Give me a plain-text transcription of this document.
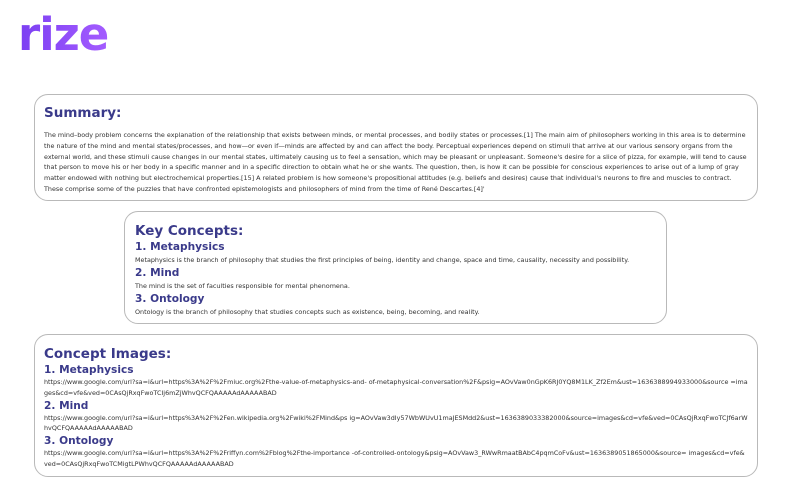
rize
Summary:

The mind–body problem concerns the explanation of the relationship that exists between minds, or mental processes, and bodily states or processes.[1] The main aim of philosophers working in this area is to determine the nature of the mind and mental states/processes, and how—or even if—minds are affected by and can affect the body. Perceptual experiences depend on stimuli that arrive at our various sensory organs from the external world, and these stimuli cause changes in our mental states, ultimately causing us to feel a sensation, which may be pleasant or unpleasant. Someone's desire for a slice of pizza, for example, will tend to cause that person to move his or her body in a specific manner and in a specific direction to obtain what he or she wants. The question, then, is how it can be possible for conscious experiences to arise out of a lump of gray matter endowed with nothing but electrochemical properties.[15] A related problem is how someone's propositional attitudes (e.g. beliefs and desires) cause that individual's neurons to fire and muscles to contract. These comprise some of the puzzles that have confronted epistemologists and philosophers of mind from the time of René Descartes.[4]'

Key Concepts:
1. Metaphysics

Metaphysics is the branch of philosophy that studies the first principles of being, identity and change, space and time, causality, necessity and possibility.

2. Mind

The mind is the set of faculties responsible for mental phenomena.

3. Ontology

Ontology is the branch of philosophy that studies concepts such as existence, being, becoming, and reality.

Concept Images:
1. Metaphysics

https://www.google.com/url?sa=i&url=https%3A%2F%2Fmiuc.org%2Fthe-value-of-metaphysics-and- of-metaphysical-conversation%2F&psig=AOvVaw0nGpK6RJ0YQ8M1LK_Zf2Em&ust=1636388994933000&source =images&cd=vfe&ved=0CAsQjRxqFwoTCIj6mZjWhvQCFQAAAAAdAAAAABAD

2. Mind

https://www.google.com/url?sa=i&url=https%3A%2F%2Fen.wikipedia.org%2Fwiki%2FMind&ps ig=AOvVaw3dIy57WbWUvU1maJESMdd2&ust=1636389033382000&source=images&cd=vfe&ved=0CAsQjRxqFwoTCJf6arWhvQCFQAAAAAdAAAAABAD

3. Ontology

https://www.google.com/url?sa=i&url=https%3A%2F%2Friffyn.com%2Fblog%2Fthe-importance -of-controlled-ontology&psig=AOvVaw3_RWwRmaatBAbC4pqmCoFv&ust=1636389051865000&source= images&cd=vfe&ved=0CAsQjRxqFwoTCMigtLPWhvQCFQAAAAAdAAAAABAD
